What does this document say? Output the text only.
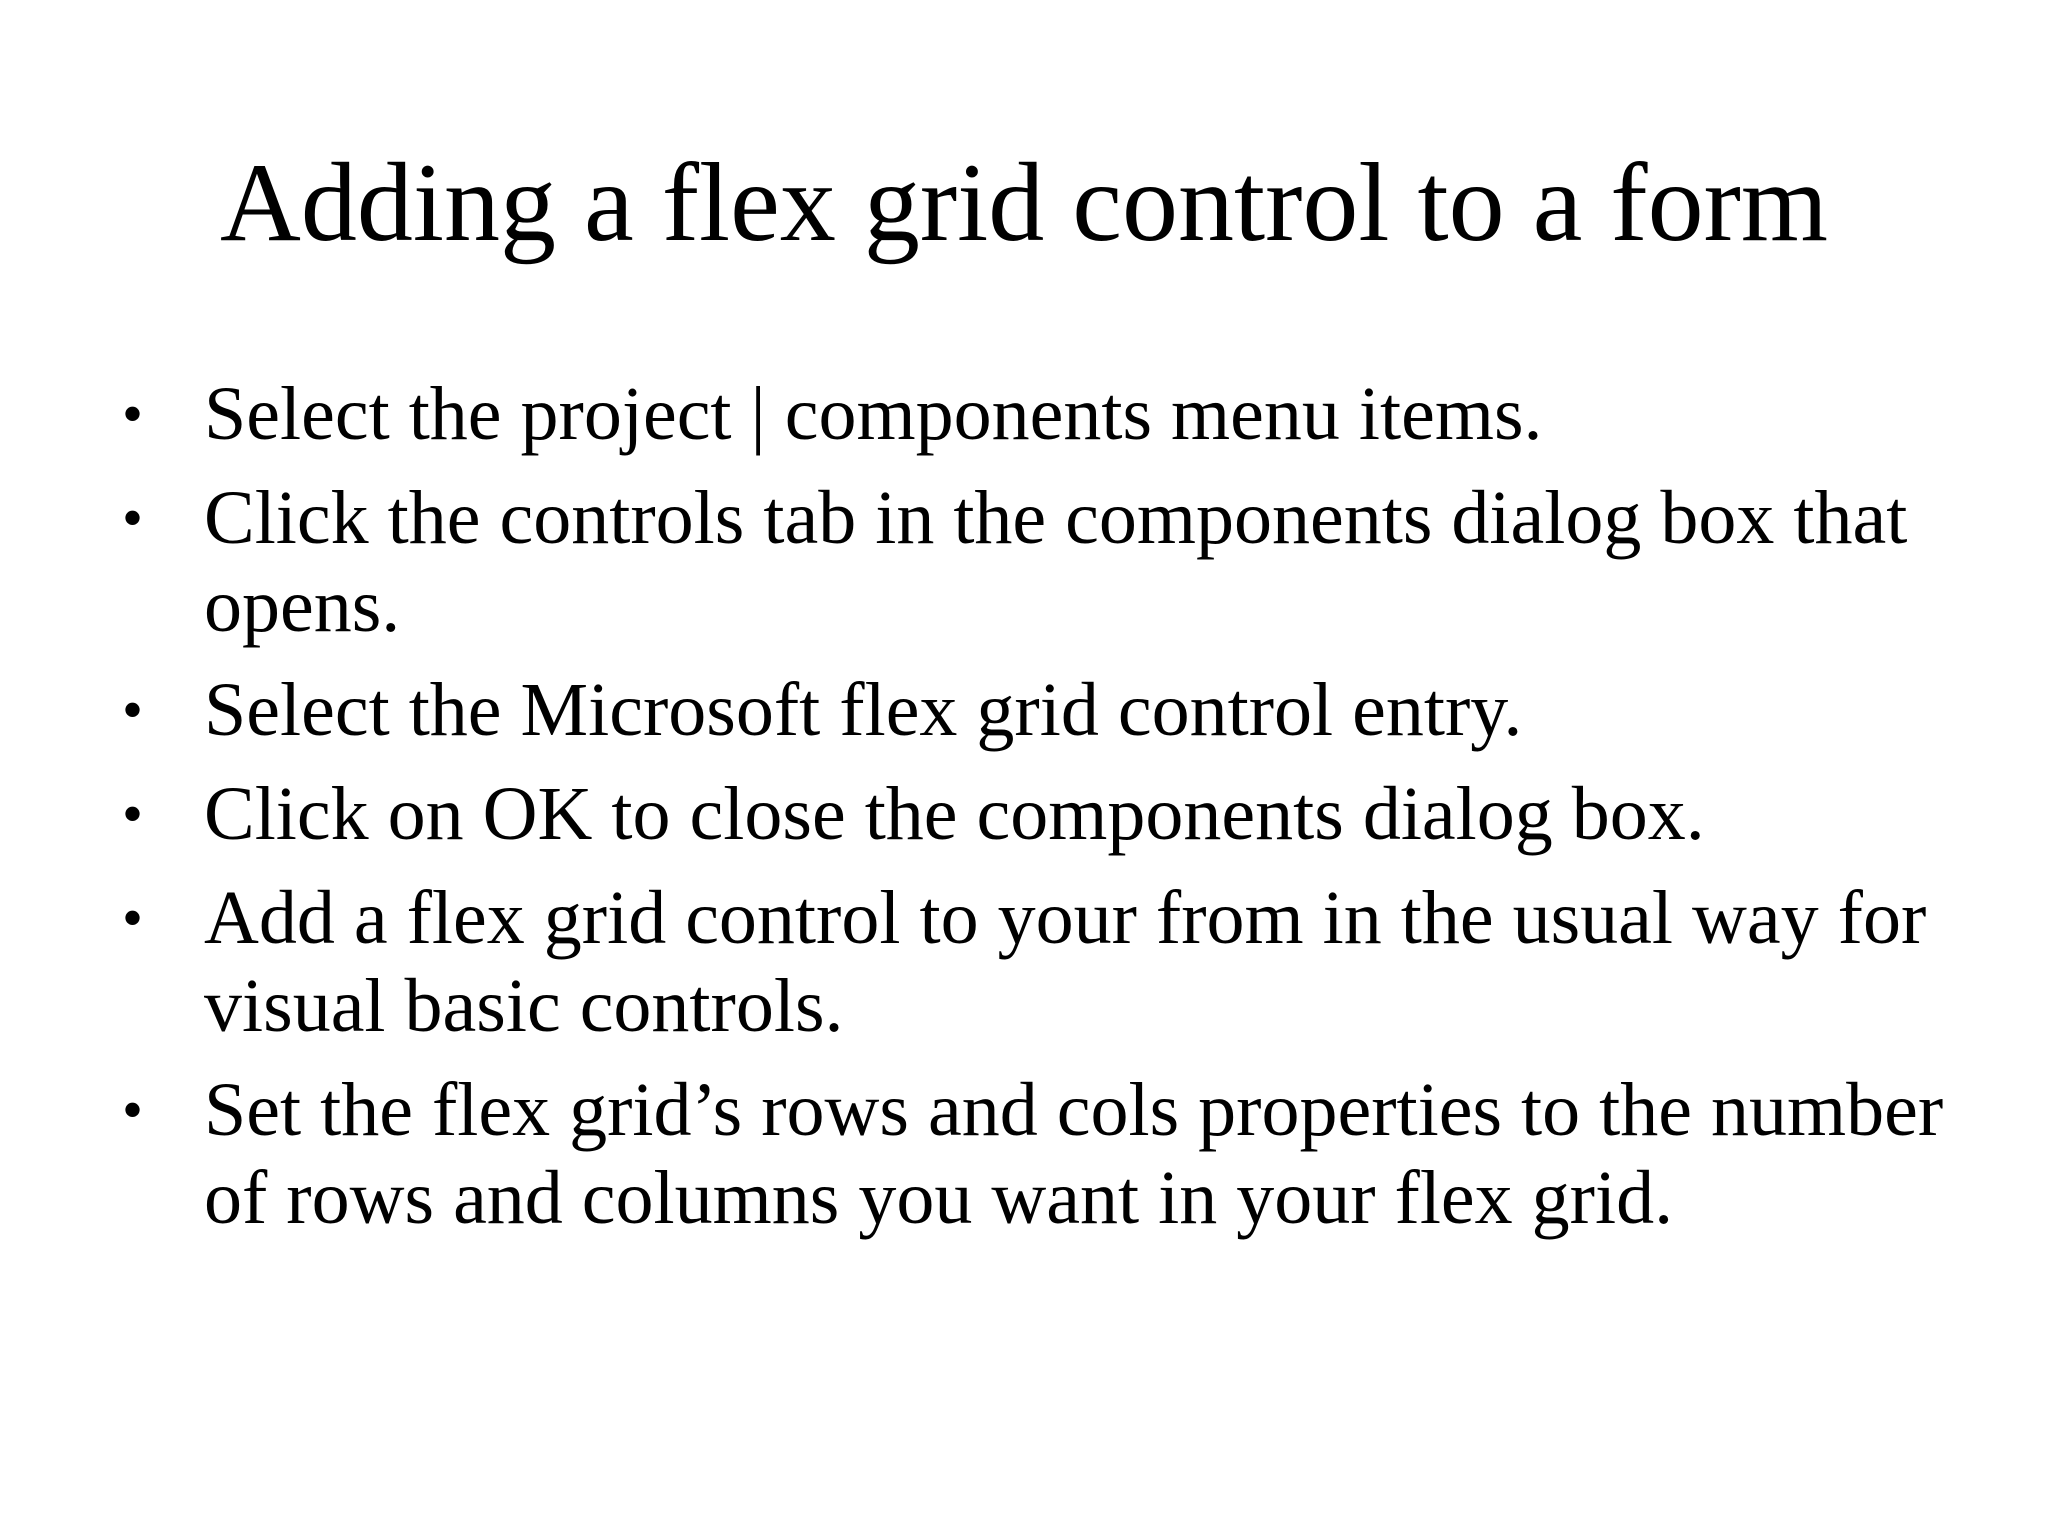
Adding a flex grid control to a form
• Select the project | components menu items.
• Click the controls tab in the components dialog box that opens.
• Select the Microsoft flex grid control entry.
• Click on OK to close the components dialog box.
• Add a flex grid control to your from in the usual way for visual basic controls.
• Set the flex grid’s rows and cols properties to the number of rows and columns you want in your flex grid.
